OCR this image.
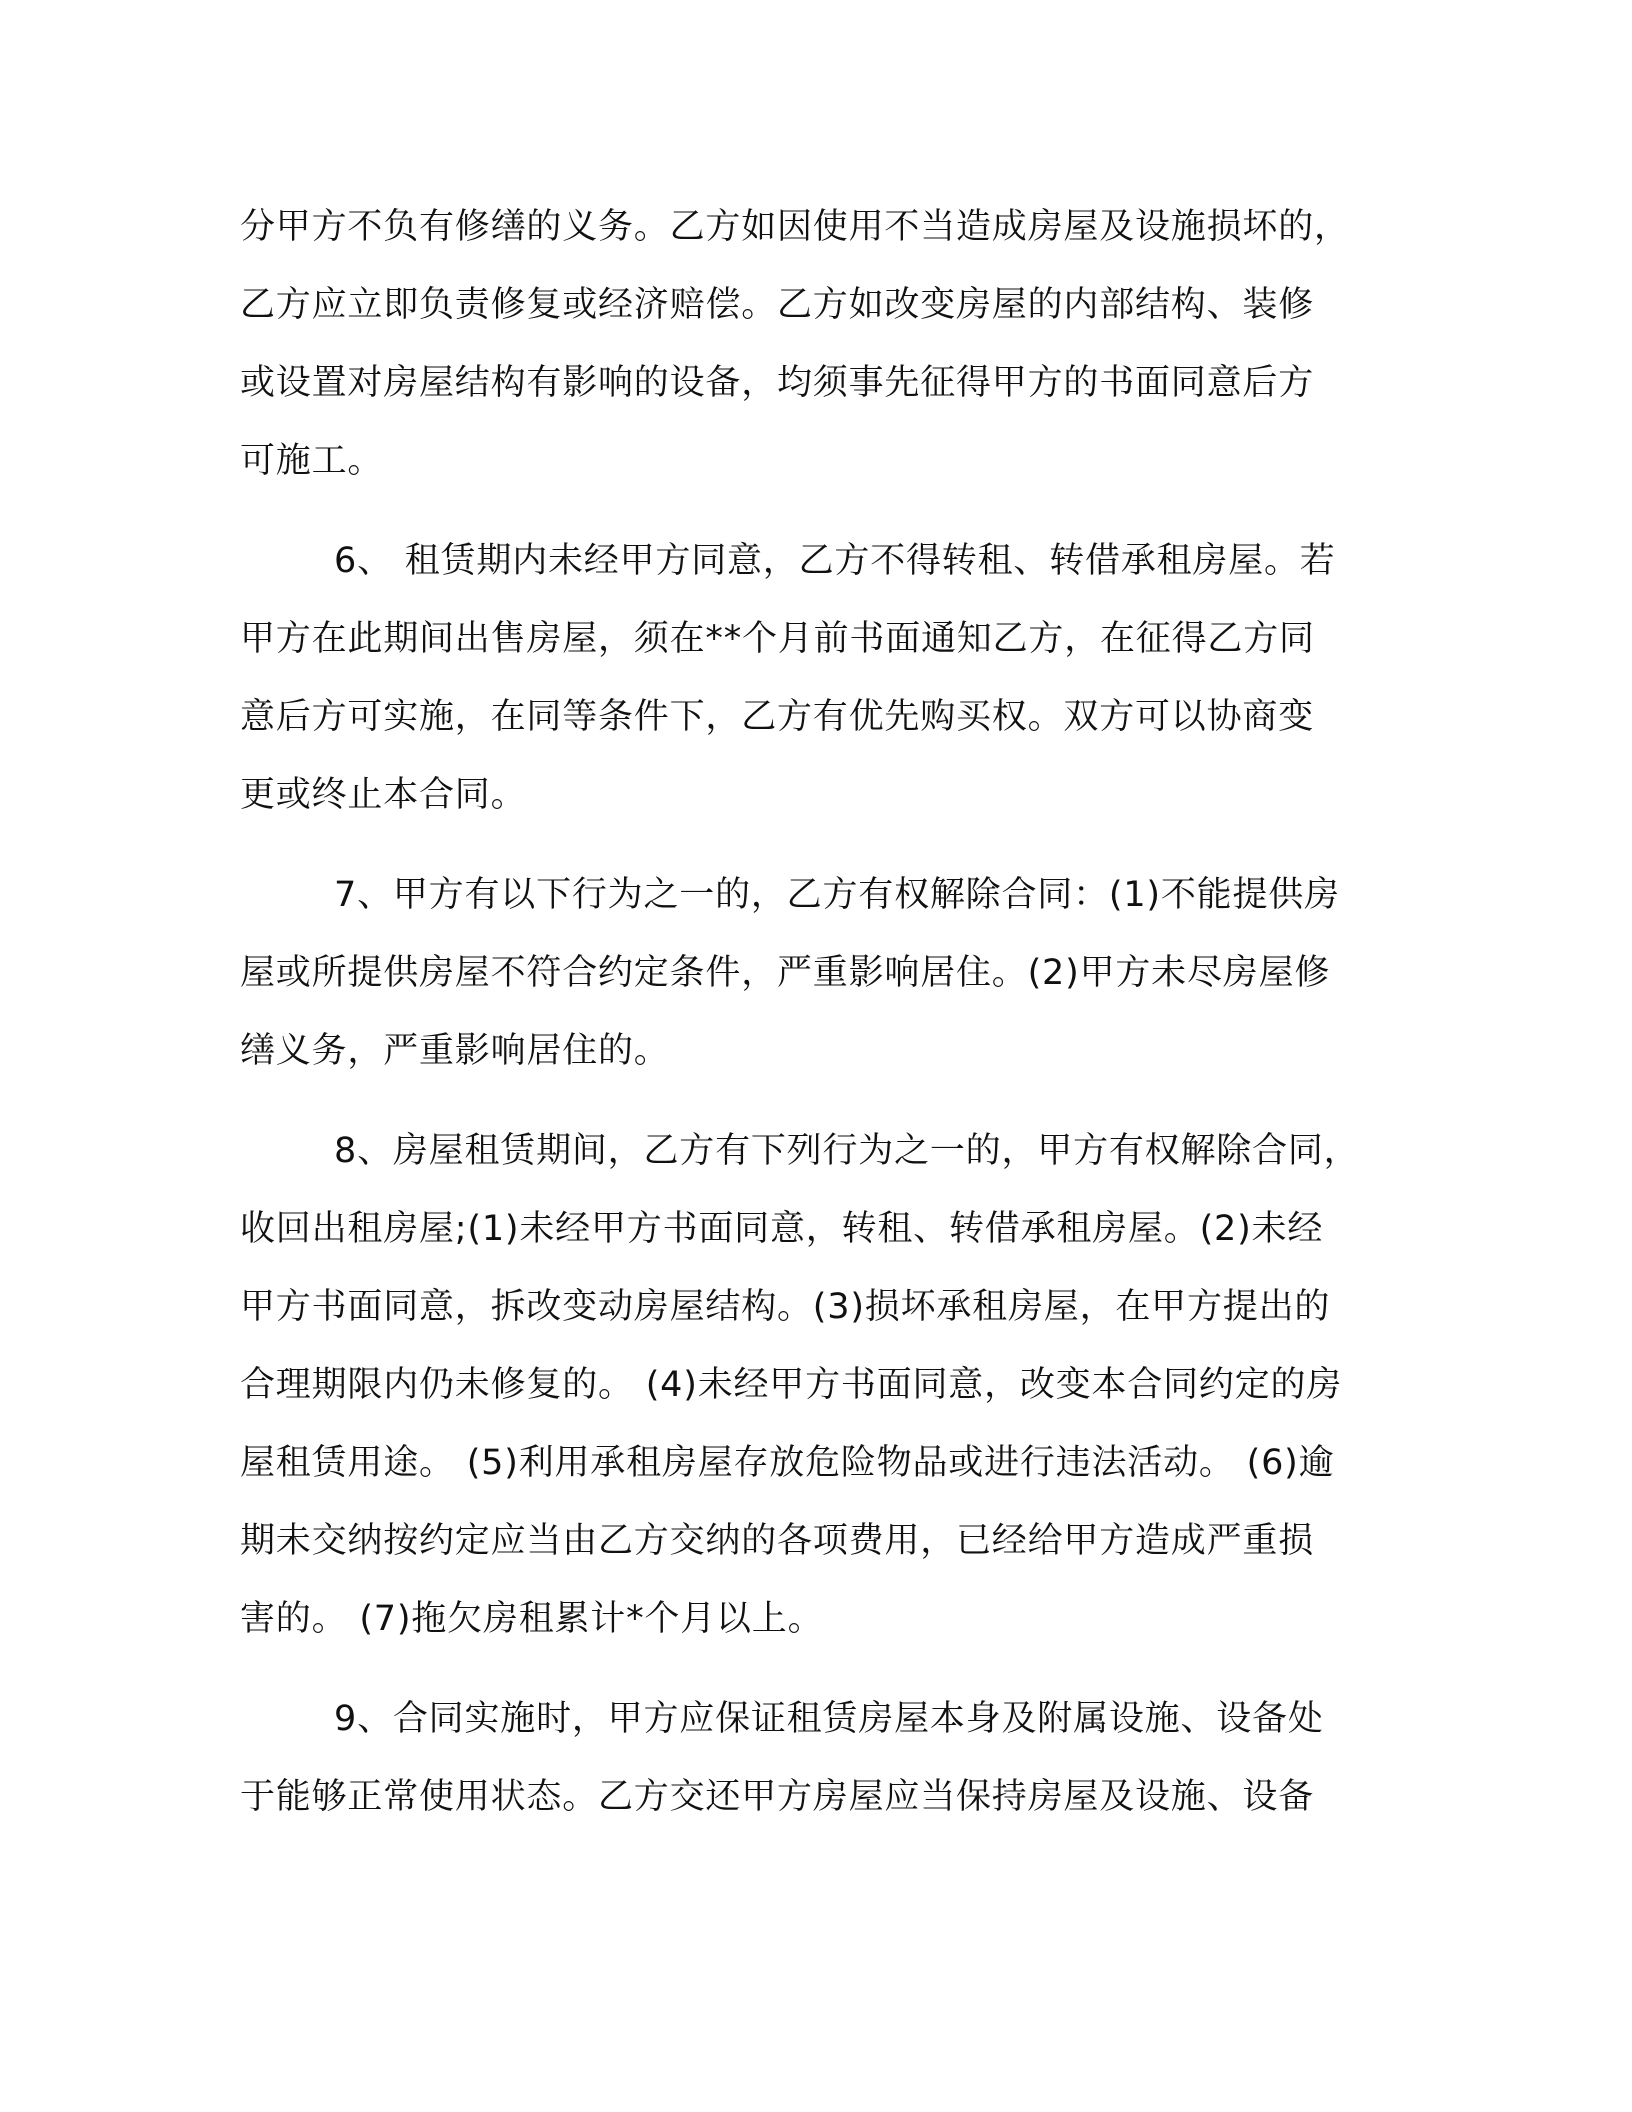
分甲方不负有修缮的义务。乙方如因使用不当造成房屋及设施损坏的，
乙方应立即负责修复或经济赔偿。乙方如改变房屋的内部结构、装修
或设置对房屋结构有影响的设备，均须事先征得甲方的书面同意后方
可施工。

6、 租赁期内未经甲方同意，乙方不得转租、转借承租房屋。若
甲方在此期间出售房屋，须在**个月前书面通知乙方，在征得乙方同
意后方可实施，在同等条件下，乙方有优先购买权。双方可以协商变
更或终止本合同。

7、甲方有以下行为之一的，乙方有权解除合同：(1)不能提供房
屋或所提供房屋不符合约定条件，严重影响居住。(2)甲方未尽房屋修
缮义务，严重影响居住的。

8、房屋租赁期间，乙方有下列行为之一的，甲方有权解除合同，
收回出租房屋;(1)未经甲方书面同意，转租、转借承租房屋。(2)未经
甲方书面同意，拆改变动房屋结构。(3)损坏承租房屋，在甲方提出的
合理期限内仍未修复的。 (4)未经甲方书面同意，改变本合同约定的房
屋租赁用途。 (5)利用承租房屋存放危险物品或进行违法活动。 (6)逾
期未交纳按约定应当由乙方交纳的各项费用，已经给甲方造成严重损
害的。 (7)拖欠房租累计*个月以上。

9、合同实施时，甲方应保证租赁房屋本身及附属设施、设备处
于能够正常使用状态。乙方交还甲方房屋应当保持房屋及设施、设备
